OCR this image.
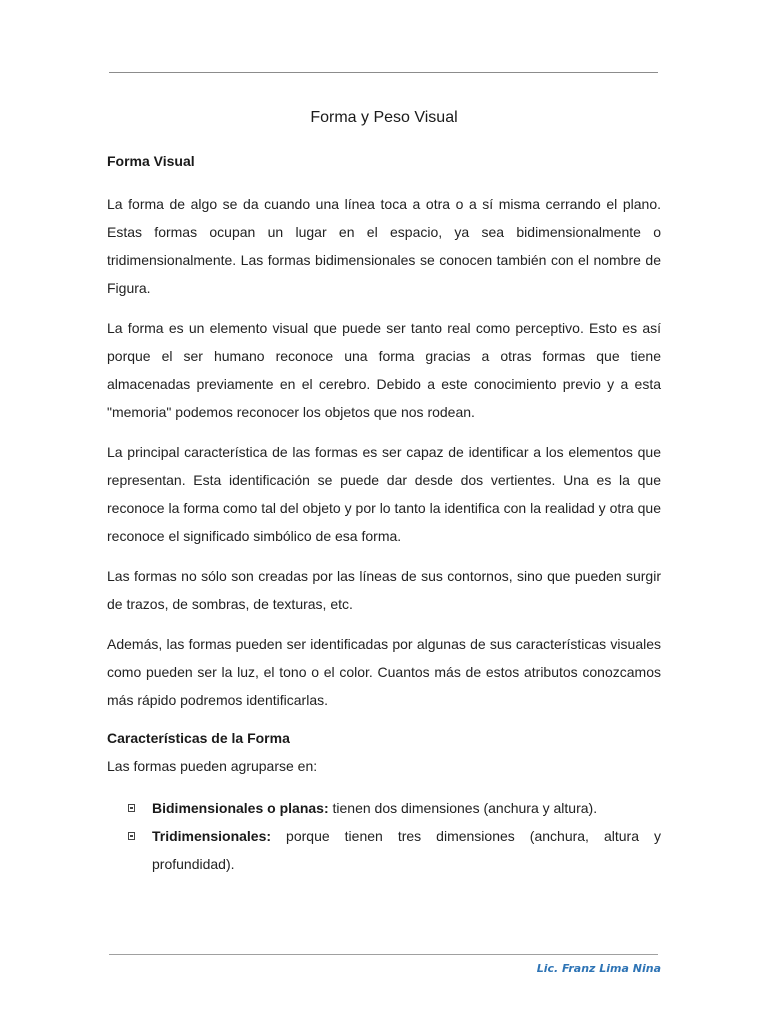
Forma y Peso Visual
Forma Visual

La forma de algo se da cuando una línea toca a otra o a sí misma cerrando el plano. Estas formas ocupan un lugar en el espacio, ya sea bidimensionalmente o tridimensionalmente. Las formas bidimensionales se conocen también con el nombre de Figura.

La forma es un elemento visual que puede ser tanto real como perceptivo. Esto es así porque el ser humano reconoce una forma gracias a otras formas que tiene almacenadas previamente en el cerebro. Debido a este conocimiento previo y a esta "memoria" podemos reconocer los objetos que nos rodean.

La principal característica de las formas es ser capaz de identificar a los elementos que representan. Esta identificación se puede dar desde dos vertientes. Una es la que reconoce la forma como tal del objeto y por lo tanto la identifica con la realidad y otra que reconoce el significado simbólico de esa forma.

Las formas no sólo son creadas por las líneas de sus contornos, sino que pueden surgir de trazos, de sombras, de texturas, etc.

Además, las formas pueden ser identificadas por algunas de sus características visuales como pueden ser la luz, el tono o el color. Cuantos más de estos atributos conozcamos más rápido podremos identificarlas.

Características de la Forma

Las formas pueden agruparse en:

Bidimensionales o planas: tienen dos dimensiones (anchura y altura).
Tridimensionales: porque tienen tres dimensiones (anchura, altura y profundidad).
Lic. Franz Lima Nina
